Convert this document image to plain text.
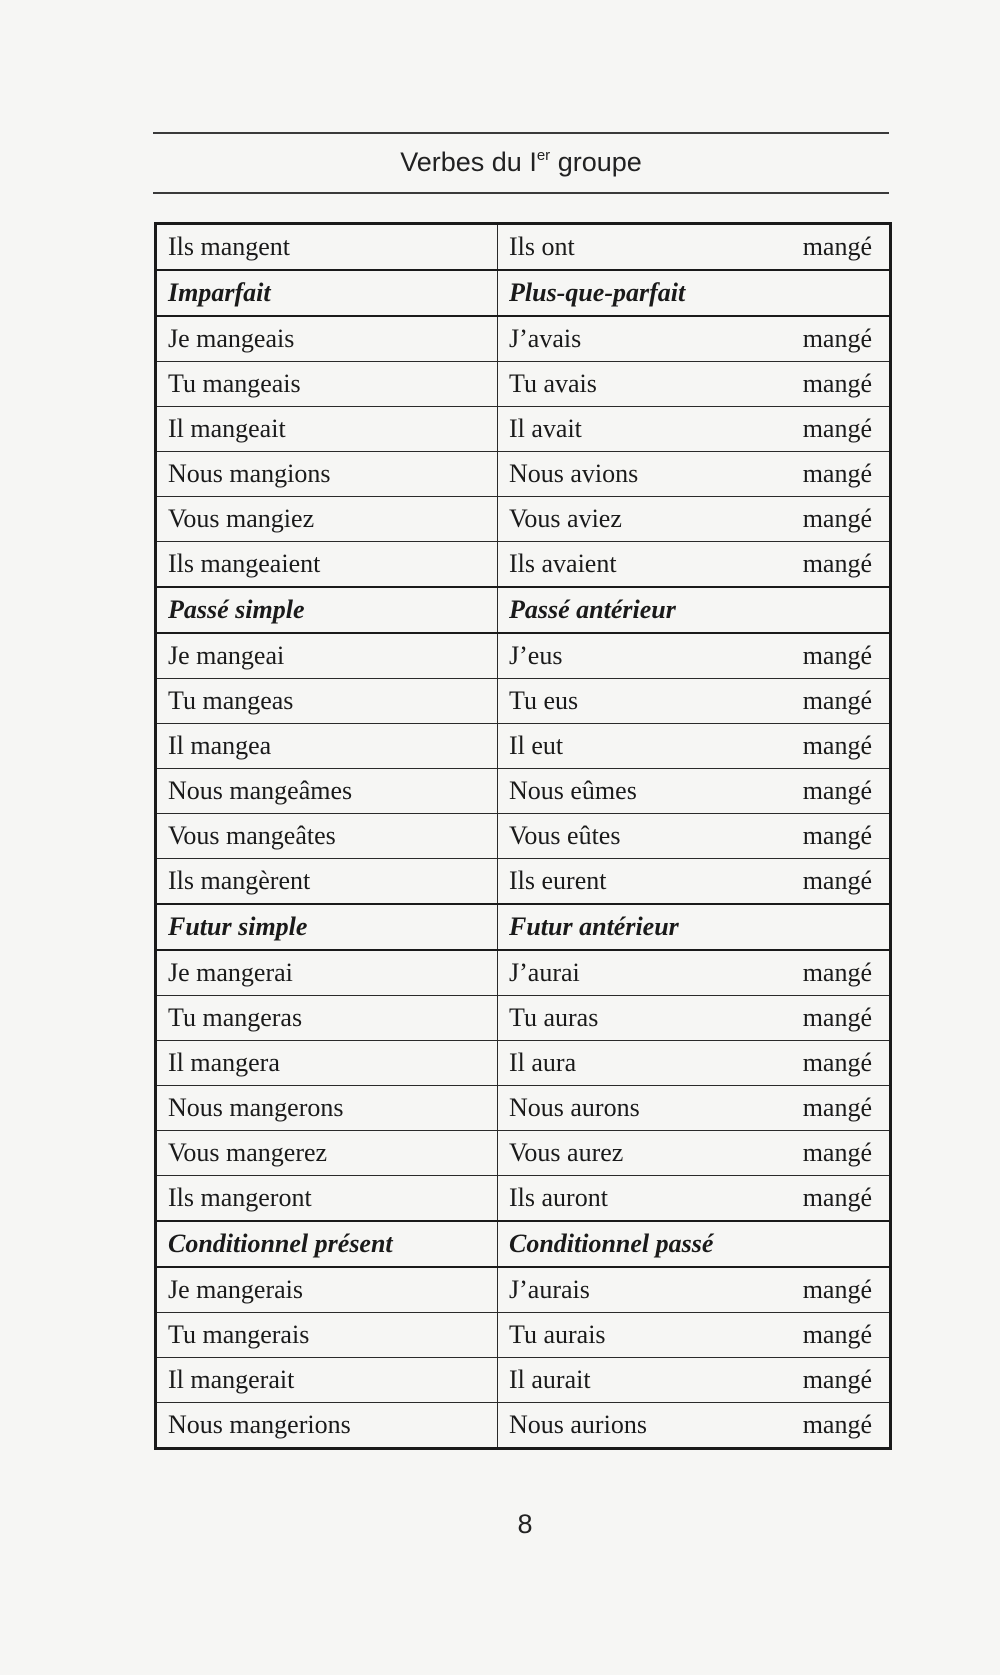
Verbes du Ier groupe
Ils mangent	Ils ont mangé

Imparfait	Plus-que-parfait
Je mangeais	J’avais mangé

Tu mangeais	Tu avais mangé

Il mangeait	Il avait mangé

Nous mangions	Nous avions mangé

Vous mangiez	Vous aviez mangé

Ils mangeaient	Ils avaient mangé

Passé simple	Passé antérieur
Je mangeai	J’eus mangé

Tu mangeas	Tu eus mangé

Il mangea	Il eut mangé

Nous mangeâmes	Nous eûmes mangé

Vous mangeâtes	Vous eûtes mangé

Ils mangèrent	Ils eurent mangé

Futur simple	Futur antérieur
Je mangerai	J’aurai mangé

Tu mangeras	Tu auras mangé

Il mangera	Il aura mangé

Nous mangerons	Nous aurons mangé

Vous mangerez	Vous aurez mangé

Ils mangeront	Ils auront mangé

Conditionnel présent	Conditionnel passé
Je mangerais	J’aurais mangé

Tu mangerais	Tu aurais mangé

Il mangerait	Il aurait mangé

Nous mangerions	Nous aurions mangé
8
